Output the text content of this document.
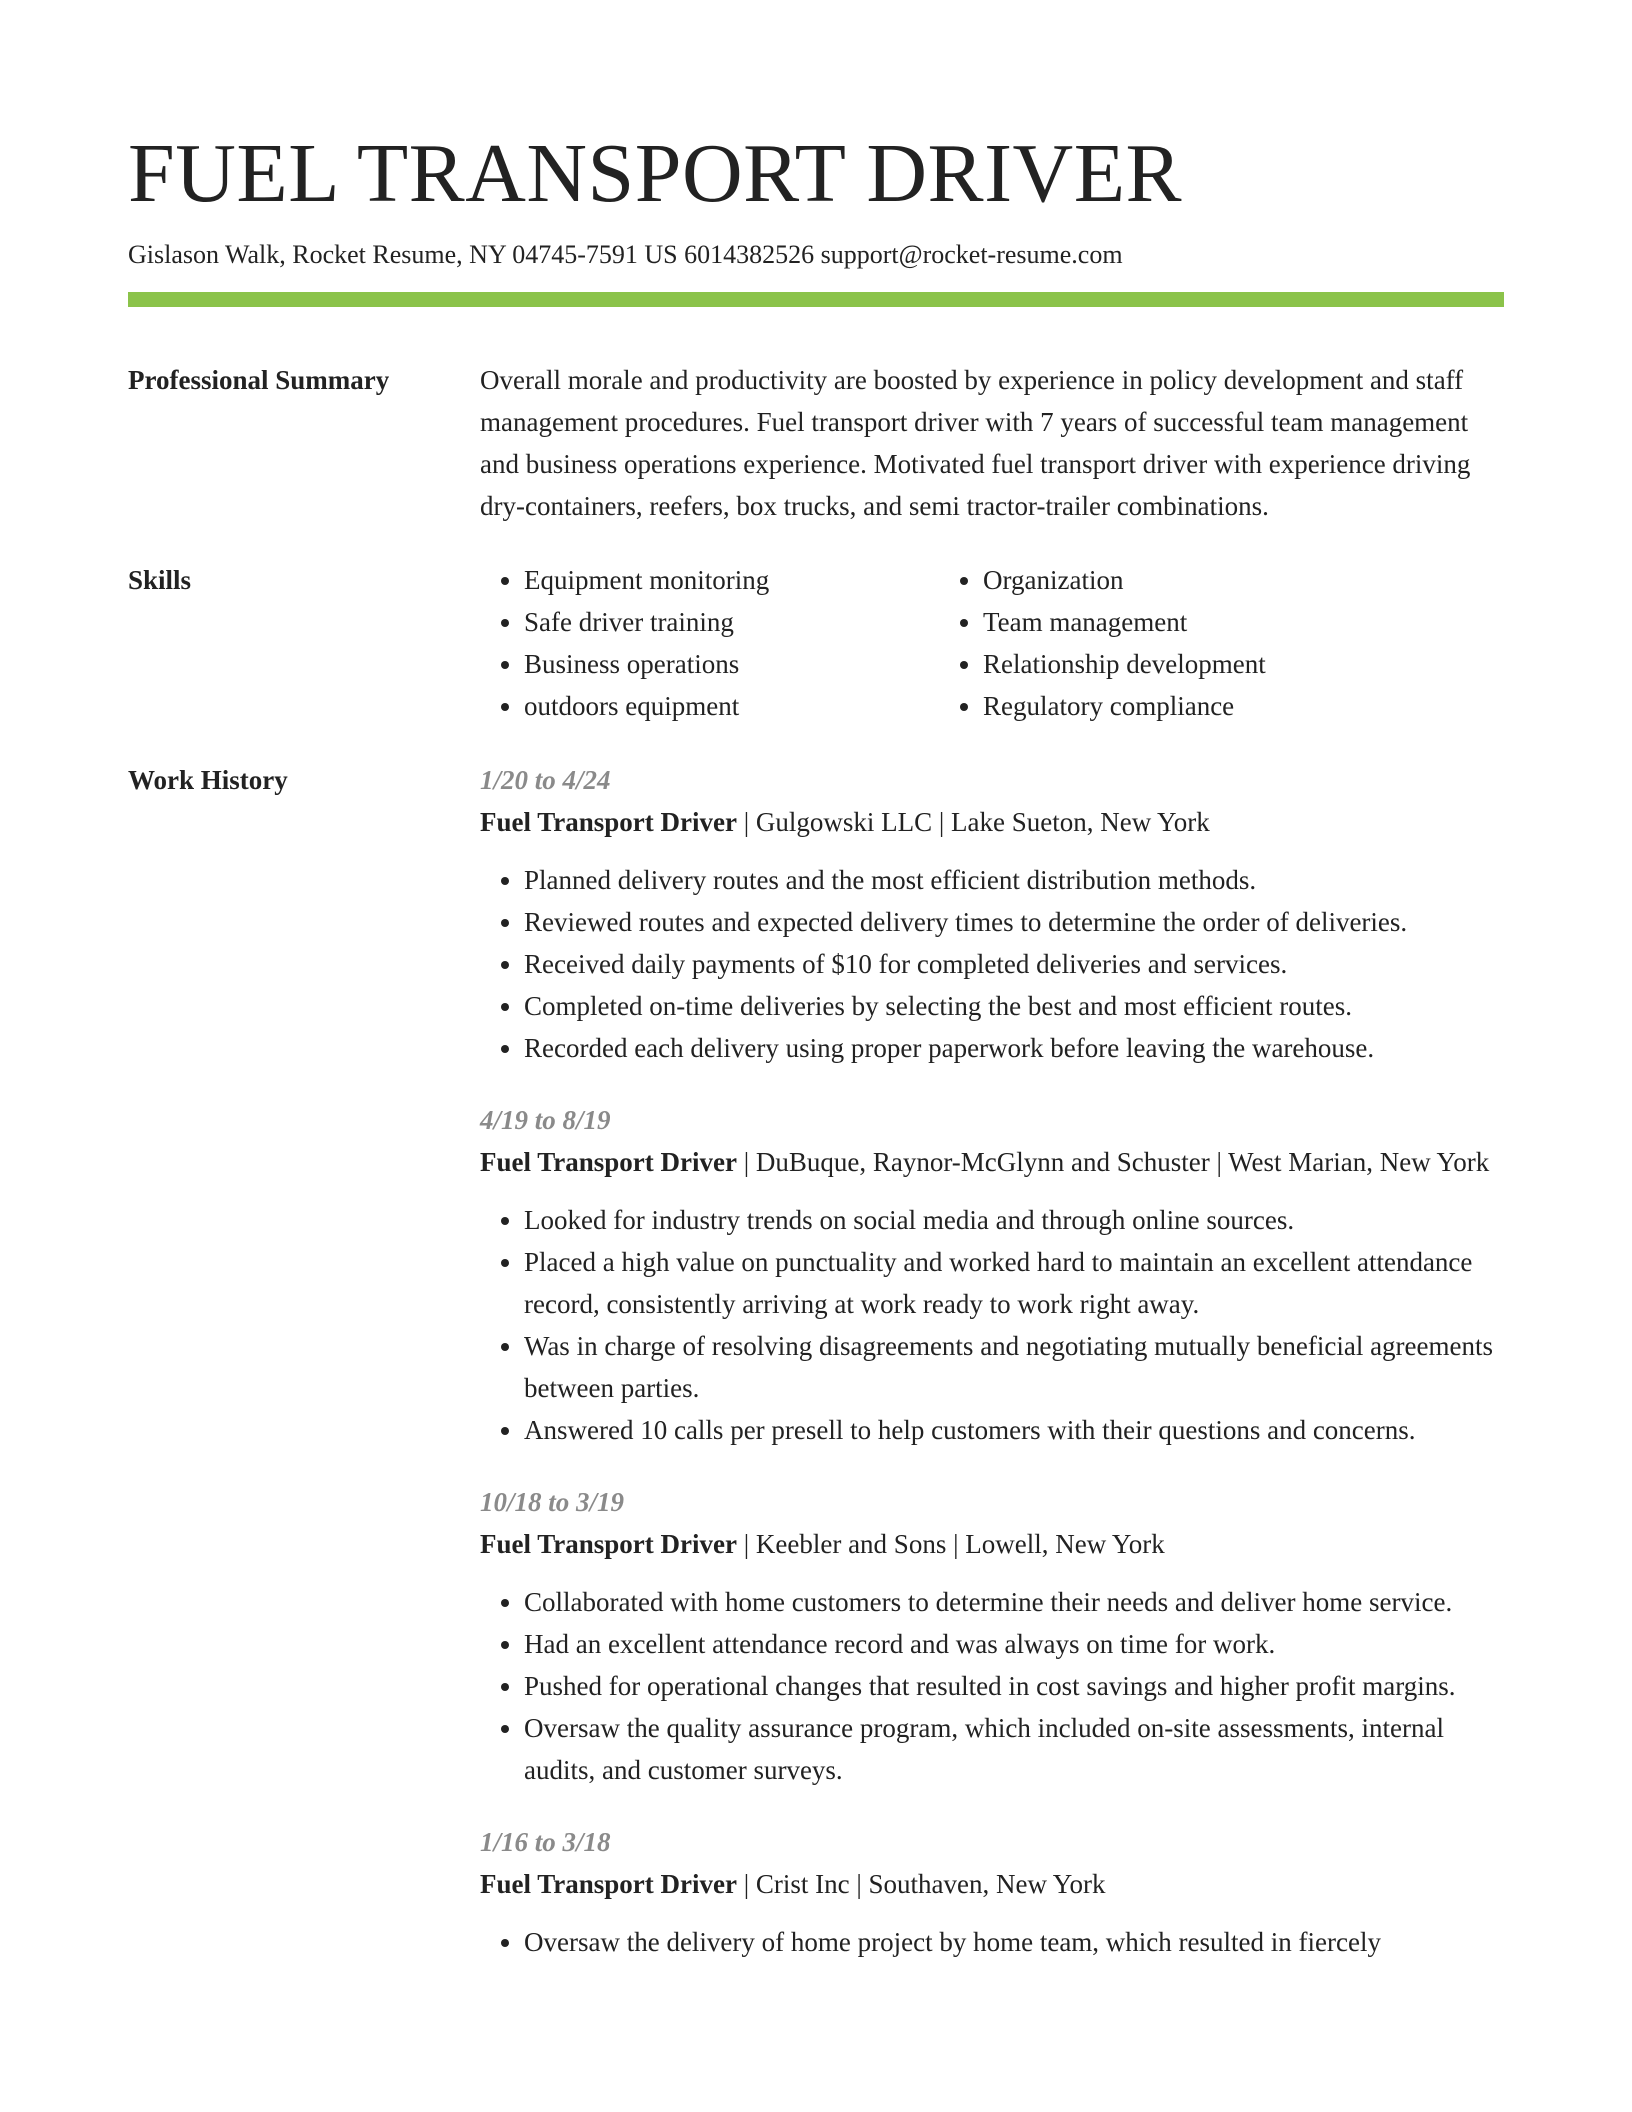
FUEL TRANSPORT DRIVER
Gislason Walk, Rocket Resume, NY 04745-7591 US 6014382526 support@rocket-resume.com
Professional Summary	Overall morale and productivity are boosted by experience in policy development and staff management procedures. Fuel transport driver with 7 years of successful team management and business operations experience. Motivated fuel transport driver with experience driving dry-containers, reefers, box trucks, and semi tractor-trailer combinations.

Skills
•	Equipment monitoring
• Safe driver training
• Business operations
• outdoors equipment
• Organization
• Team management
• Relationship development
• Regulatory compliance
Work History	1/20 to 4/24
Fuel Transport Driver | Gulgowski LLC | Lake Sueton, New York
• Planned delivery routes and the most efficient distribution methods.
• Reviewed routes and expected delivery times to determine the order of deliveries.
• Received daily payments of $10 for completed deliveries and services.
• Completed on-time deliveries by selecting the best and most efficient routes.
• Recorded each delivery using proper paperwork before leaving the warehouse.
4/19 to 8/19
Fuel Transport Driver | DuBuque, Raynor-McGlynn and Schuster | West Marian, New York
• Looked for industry trends on social media and through online sources.
• Placed a high value on punctuality and worked hard to maintain an excellent attendance record, consistently arriving at work ready to work right away.
• Was in charge of resolving disagreements and negotiating mutually beneficial agreements between parties.
• Answered 10 calls per presell to help customers with their questions and concerns.
10/18 to 3/19
Fuel Transport Driver | Keebler and Sons | Lowell, New York
• Collaborated with home customers to determine their needs and deliver home service.
• Had an excellent attendance record and was always on time for work.
• Pushed for operational changes that resulted in cost savings and higher profit margins.
• Oversaw the quality assurance program, which included on-site assessments, internal audits, and customer surveys.
1/16 to 3/18
Fuel Transport Driver | Crist Inc | Southaven, New York
• Oversaw the delivery of home project by home team, which resulted in fiercely
